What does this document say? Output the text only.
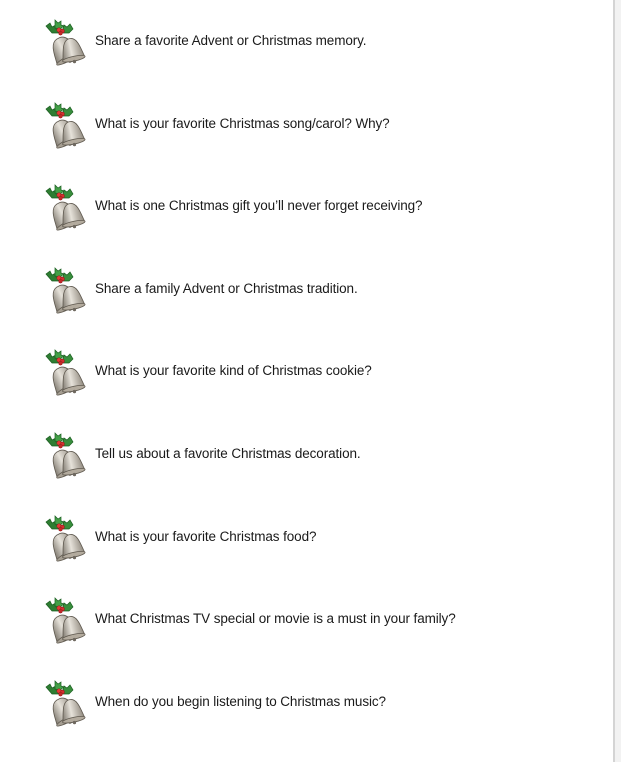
Share a favorite Advent or Christmas memory.
What is your favorite Christmas song/carol? Why?
What is one Christmas gift you’ll never forget receiving?
Share a family Advent or Christmas tradition.
What is your favorite kind of Christmas cookie?
Tell us about a favorite Christmas decoration.
What is your favorite Christmas food?
What Christmas TV special or movie is a must in your family?
When do you begin listening to Christmas music?
